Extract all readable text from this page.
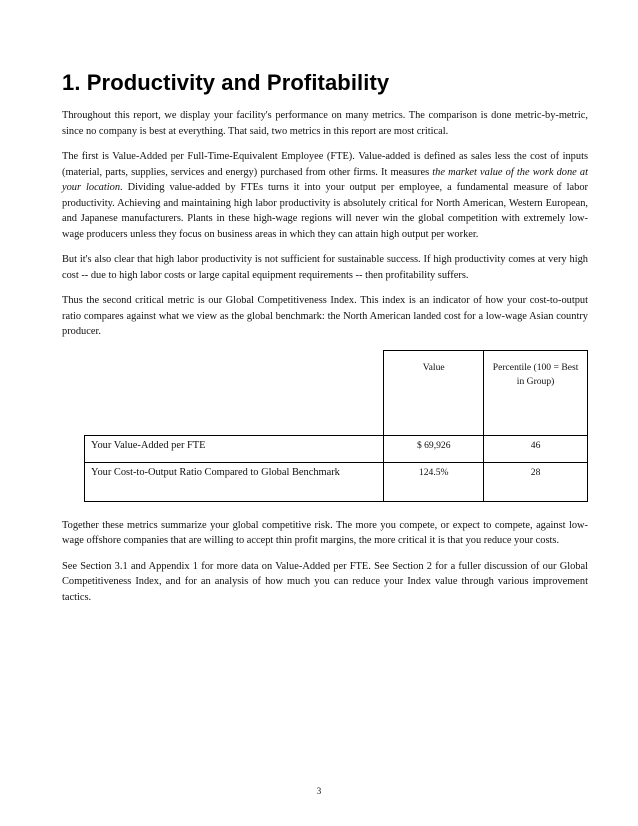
1. Productivity and Profitability

Throughout this report, we display your facility's performance on many metrics. The comparison is done metric-by-metric, since no company is best at everything. That said, two metrics in this report are most critical.

The first is Value-Added per Full-Time-Equivalent Employee (FTE). Value-added is defined as sales less the cost of inputs (material, parts, supplies, services and energy) purchased from other firms. It measures the market value of the work done at your location. Dividing value-added by FTEs turns it into your output per employee, a fundamental measure of labor productivity. Achieving and maintaining high labor productivity is absolutely critical for North American, Western European, and Japanese manufacturers. Plants in these high-wage regions will never win the global competition with extremely low-wage producers unless they focus on business areas in which they can attain high output per worker.

But it's also clear that high labor productivity is not sufficient for sustainable success. If high productivity comes at very high cost -- due to high labor costs or large capital equipment requirements -- then profitability suffers.

Thus the second critical metric is our Global Competitiveness Index. This index is an indicator of how your cost-to-output ratio compares against what we view as the global benchmark: the North American landed cost for a low-wage Asian country producer.

	Value	Percentile (100 = Best in Group)
Your Value-Added per FTE	$ 69,926	46
Your Cost-to-Output Ratio Compared to Global Benchmark	124.5%	28

Together these metrics summarize your global competitive risk. The more you compete, or expect to compete, against low-wage offshore companies that are willing to accept thin profit margins, the more critical it is that you reduce your costs.

See Section 3.1 and Appendix 1 for more data on Value-Added per FTE. See Section 2 for a fuller discussion of our Global Competitiveness Index, and for an analysis of how much you can reduce your Index value through various improvement tactics.

3
